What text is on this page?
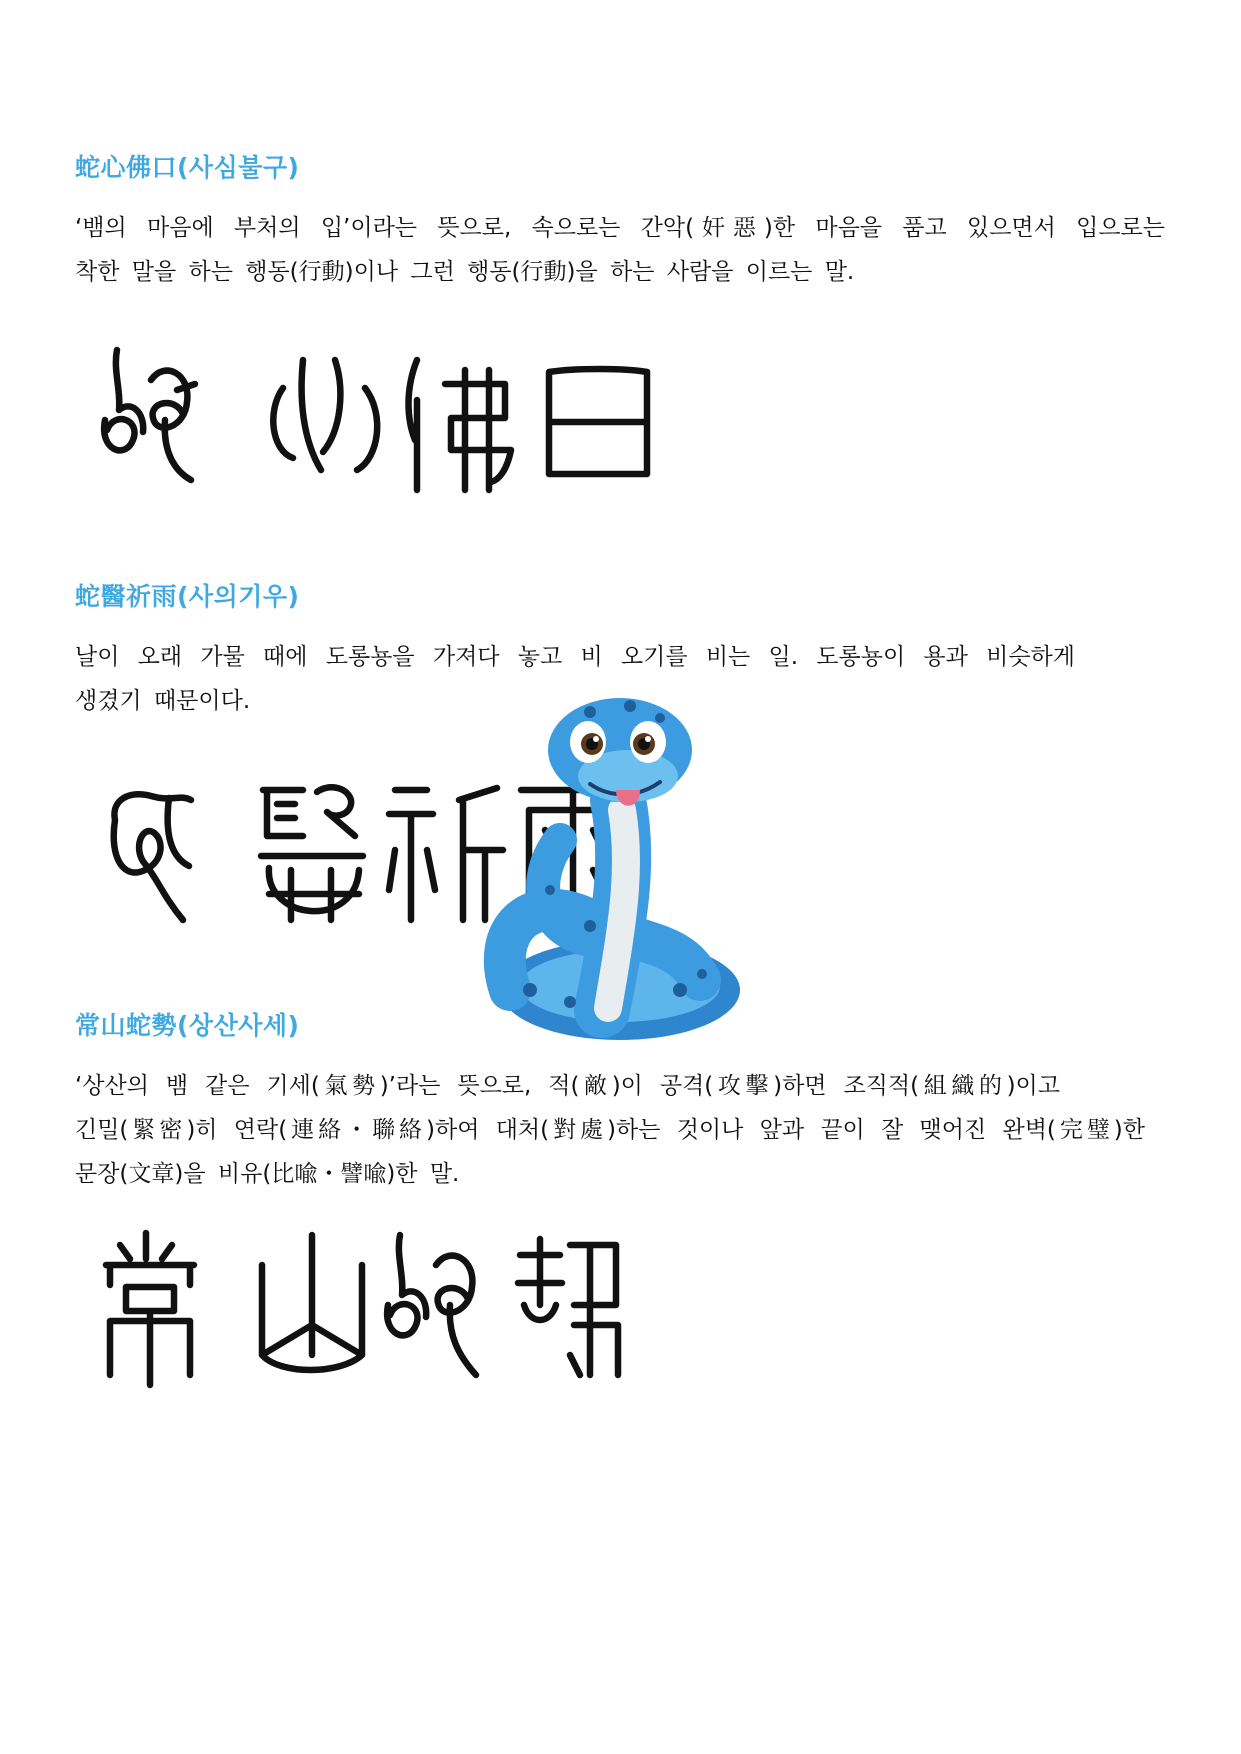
蛇心佛口(사심불구)
‘뱀의 마음에 부처의 입’이라는 뜻으로, 속으로는 간악(奸惡)한 마음을 품고 있으면서 입으로는
착한 말을 하는 행동(行動)이나 그런 행동(行動)을 하는 사람을 이르는 말.
蛇醫祈雨(사의기우)
날이 오래 가물 때에 도롱뇽을 가져다 놓고 비 오기를 비는 일. 도롱뇽이 용과 비슷하게
생겼기 때문이다.
常山蛇勢(상산사세)
‘상산의 뱀 같은 기세(氣勢)’라는 뜻으로, 적(敵)이 공격(攻擊)하면 조직적(組織的)이고
긴밀(緊密)히 연락(連絡・聯絡)하여 대처(對處)하는 것이나 앞과 끝이 잘 맺어진 완벽(完璧)한
문장(文章)을 비유(比喩・譬喩)한 말.
